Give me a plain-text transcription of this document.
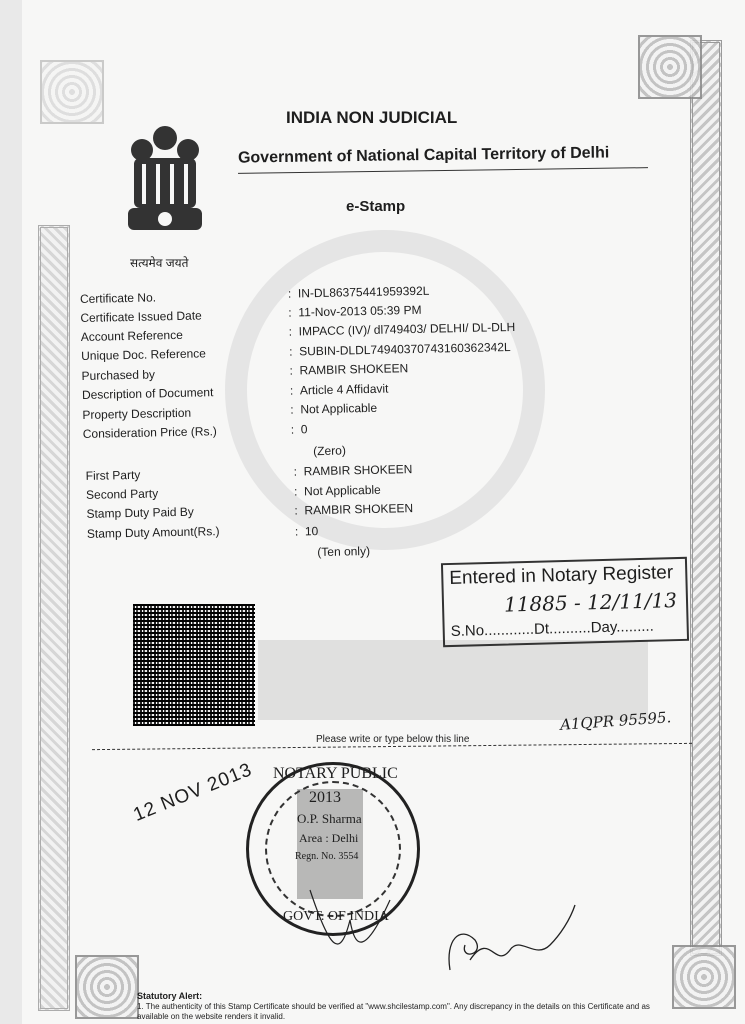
INDIA NON JUDICIAL
Government of National Capital Territory of Delhi
e-Stamp
सत्यमेव जयते
Certificate No.
Certificate Issued Date
Account Reference
Unique Doc. Reference
Purchased by
Description of Document
Property Description
Consideration Price (Rs.)
First Party
Second Party
Stamp Duty Paid By
Stamp Duty Amount(Rs.)
:  IN-DL86375441959392L
:  11-Nov-2013 05:39 PM
:  IMPACC (IV)/ dl749403/ DELHI/ DL-DLH
:  SUBIN-DLDL74940370743160362342L
:  RAMBIR SHOKEEN
:  Article 4 Affidavit
:  Not Applicable
:  0
(Zero)
:  RAMBIR SHOKEEN
:  Not Applicable
:  RAMBIR SHOKEEN
:  10
(Ten only)
Entered in Notary Register
11885 - 12/11/13
S.No............Dt..........Day.........
A1QPR 95595.
Please write or type below this line
12 NOV 2013 NOTARY PUBLIC
2013
O.P. Sharma
Area : Delhi
Regn. No. 3554
GOVT. OF INDIA
Statutory Alert:
1. The authenticity of this Stamp Certificate should be verified at "www.shcilestamp.com". Any discrepancy in the details on this Certificate and as available on the website renders it invalid.
